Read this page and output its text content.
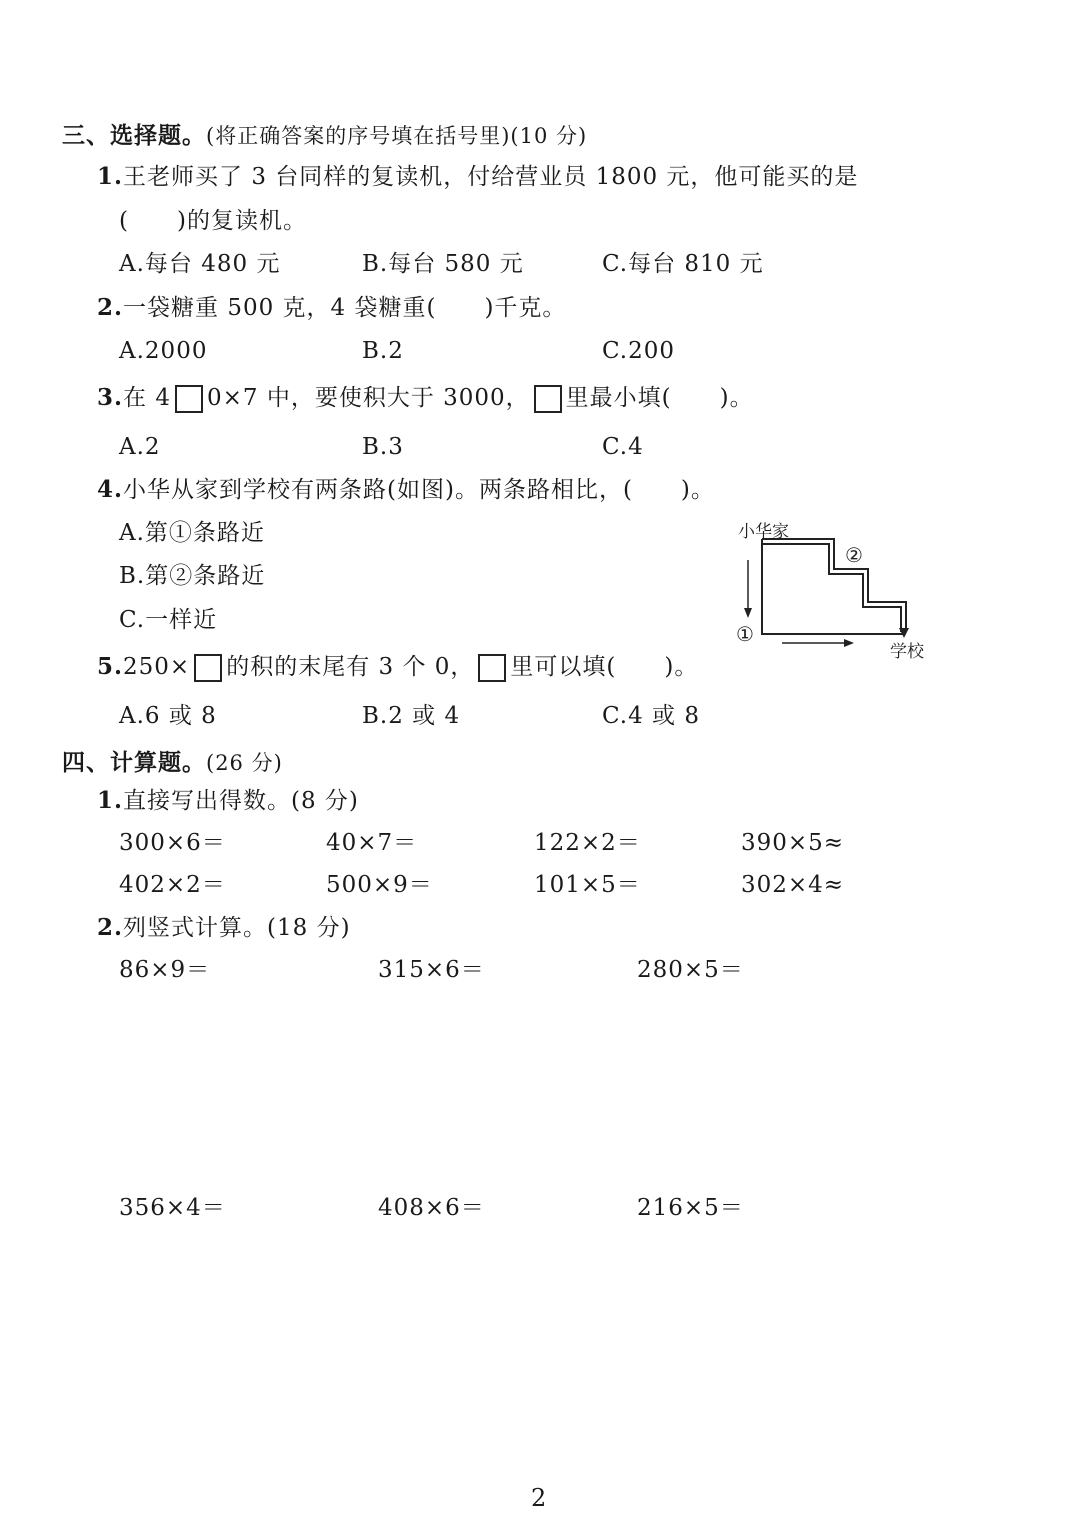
三、选择题。(将正确答案的序号填在括号里)(10 分)
1.王老师买了 3 台同样的复读机，付给营业员 1800 元，他可能买的是
(　　)的复读机。
A.每台 480 元	B.每台 580 元	C.每台 810 元
2.一袋糖重 500 克，4 袋糖重(　　)千克。
A.2000	B.2	C.200
3.在 4 0×7 中，要使积大于 3000， 里最小填(　　)。
A.2	B.3	C.4
4.小华从家到学校有两条路(如图)。两条路相比，(　　)。
A.第①条路近
B.第②条路近
C.一样近
小华家
学校
①
②
5.250× 的积的末尾有 3 个 0， 里可以填(　　)。
A.6 或 8	B.2 或 4	C.4 或 8
四、计算题。(26 分)
1.直接写出得数。(8 分)
300×6＝	40×7＝	122×2＝	390×5≈
402×2＝	500×9＝	101×5＝	302×4≈
2.列竖式计算。(18 分)
86×9＝	315×6＝	280×5＝
356×4＝	408×6＝	216×5＝
2
